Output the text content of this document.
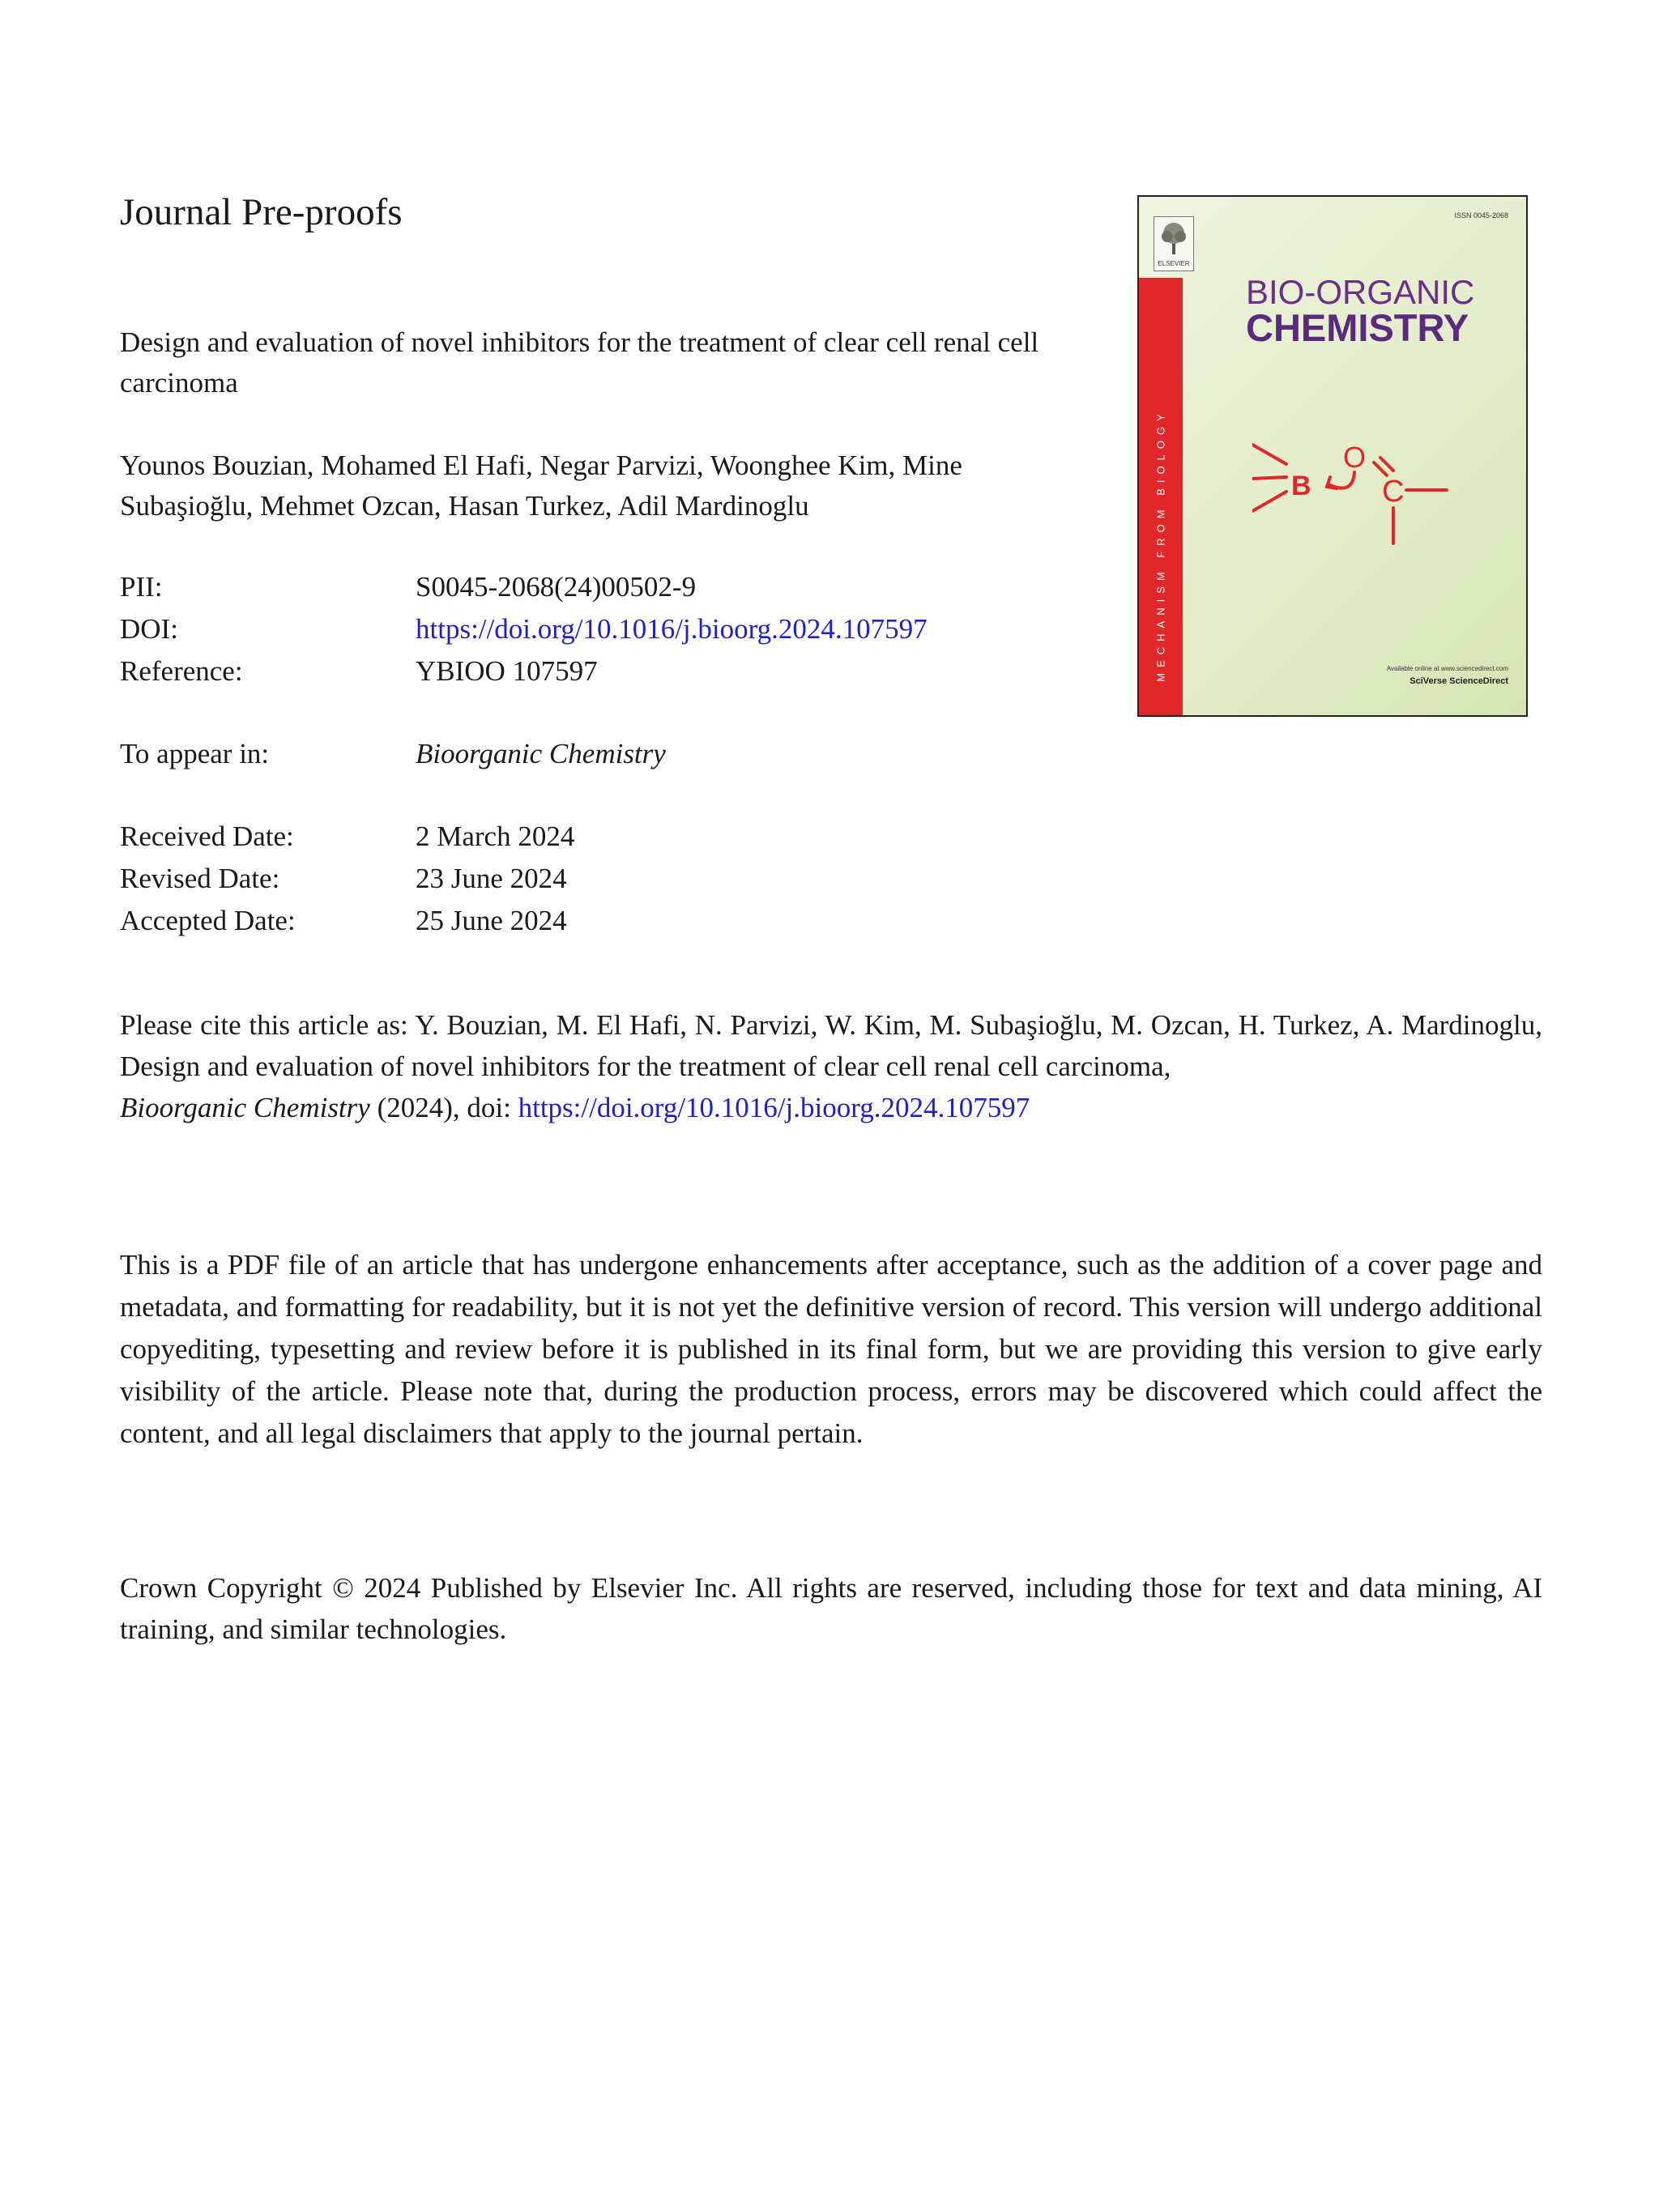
Journal Pre-proofs
Design and evaluation of novel inhibitors for the treatment of clear cell renal cell carcinoma
Younos Bouzian, Mohamed El Hafi, Negar Parvizi, Woonghee Kim, Mine Subaşioğlu, Mehmet Ozcan, Hasan Turkez, Adil Mardinoglu
PII:	S0045-2068(24)00502-9
DOI:	https://doi.org/10.1016/j.bioorg.2024.107597
Reference:	YBIOO 107597
To appear in:	Bioorganic Chemistry
Received Date:	2 March 2024
Revised Date:	23 June 2024
Accepted Date:	25 June 2024
Please cite this article as: Y. Bouzian, M. El Hafi, N. Parvizi, W. Kim, M. Subaşioğlu, M. Ozcan, H. Turkez, A. Mardinoglu, Design and evaluation of novel inhibitors for the treatment of clear cell renal cell carcinoma,
Bioorganic Chemistry (2024), doi: https://doi.org/10.1016/j.bioorg.2024.107597
This is a PDF file of an article that has undergone enhancements after acceptance, such as the addition of a cover page and metadata, and formatting for readability, but it is not yet the definitive version of record. This version will undergo additional copyediting, typesetting and review before it is published in its final form, but we are providing this version to give early visibility of the article. Please note that, during the production process, errors may be discovered which could affect the content, and all legal disclaimers that apply to the journal pertain.
Crown Copyright © 2024 Published by Elsevier Inc. All rights are reserved, including those for text and data mining, AI training, and similar technologies.
ELSEVIER
ISSN 0045-2068
MECHANISM FROM BIOLOGY
BIO-ORGANIC
CHEMISTRY
B
O
C
Available online at www.sciencedirect.com
SciVerse ScienceDirect
